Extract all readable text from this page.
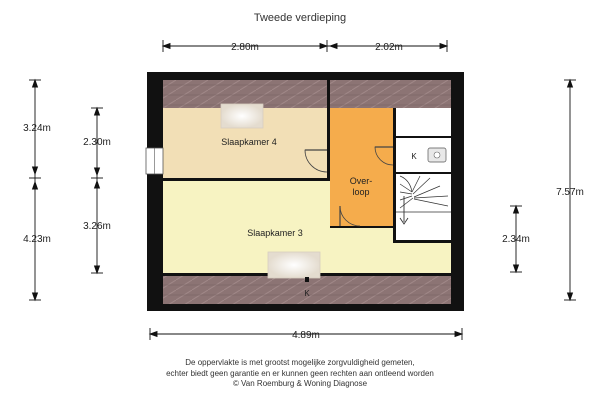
Tweede verdieping
Slaapkamer 4
Slaapkamer 3
Over-
loop
K
K
2.80m	2.02m
3.24m
4.23m
2.30m
3.26m
7.57m
2.34m
4.89m
De oppervlakte is met grootst mogelijke zorgvuldigheid gemeten,
echter biedt geen garantie en er kunnen geen rechten aan ontleend worden
© Van Roemburg & Woning Diagnose
